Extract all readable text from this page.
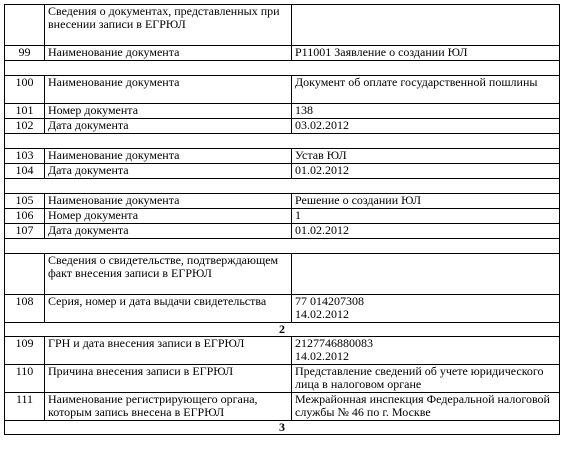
	Сведения о документах, представленных при внесении записи в ЕГРЮЛ	
99	Наименование документа	Р11001 Заявление о создании ЮЛ

100	Наименование документа	Документ об оплате государственной пошлины
101	Номер документа	138
102	Дата документа	03.02.2012

103	Наименование документа	Устав ЮЛ
104	Дата документа	01.02.2012

105	Наименование документа	Решение о создании ЮЛ
106	Номер документа	1
107	Дата документа	01.02.2012

	Сведения о свидетельстве, подтверждающем факт внесения записи в ЕГРЮЛ	
108	Серия, номер и дата выдачи свидетельства	77 014207308
14.02.2012
2		
109	ГРН и дата внесения записи в ЕГРЮЛ	2127746880083
14.02.2012
110	Причина внесения записи в ЕГРЮЛ	Представление сведений об учете юридического лица в налоговом органе
111	Наименование регистрирующего органа, которым запись внесена в ЕГРЮЛ	Межрайонная инспекция Федеральной налоговой службы № 46 по г. Москве
3		
